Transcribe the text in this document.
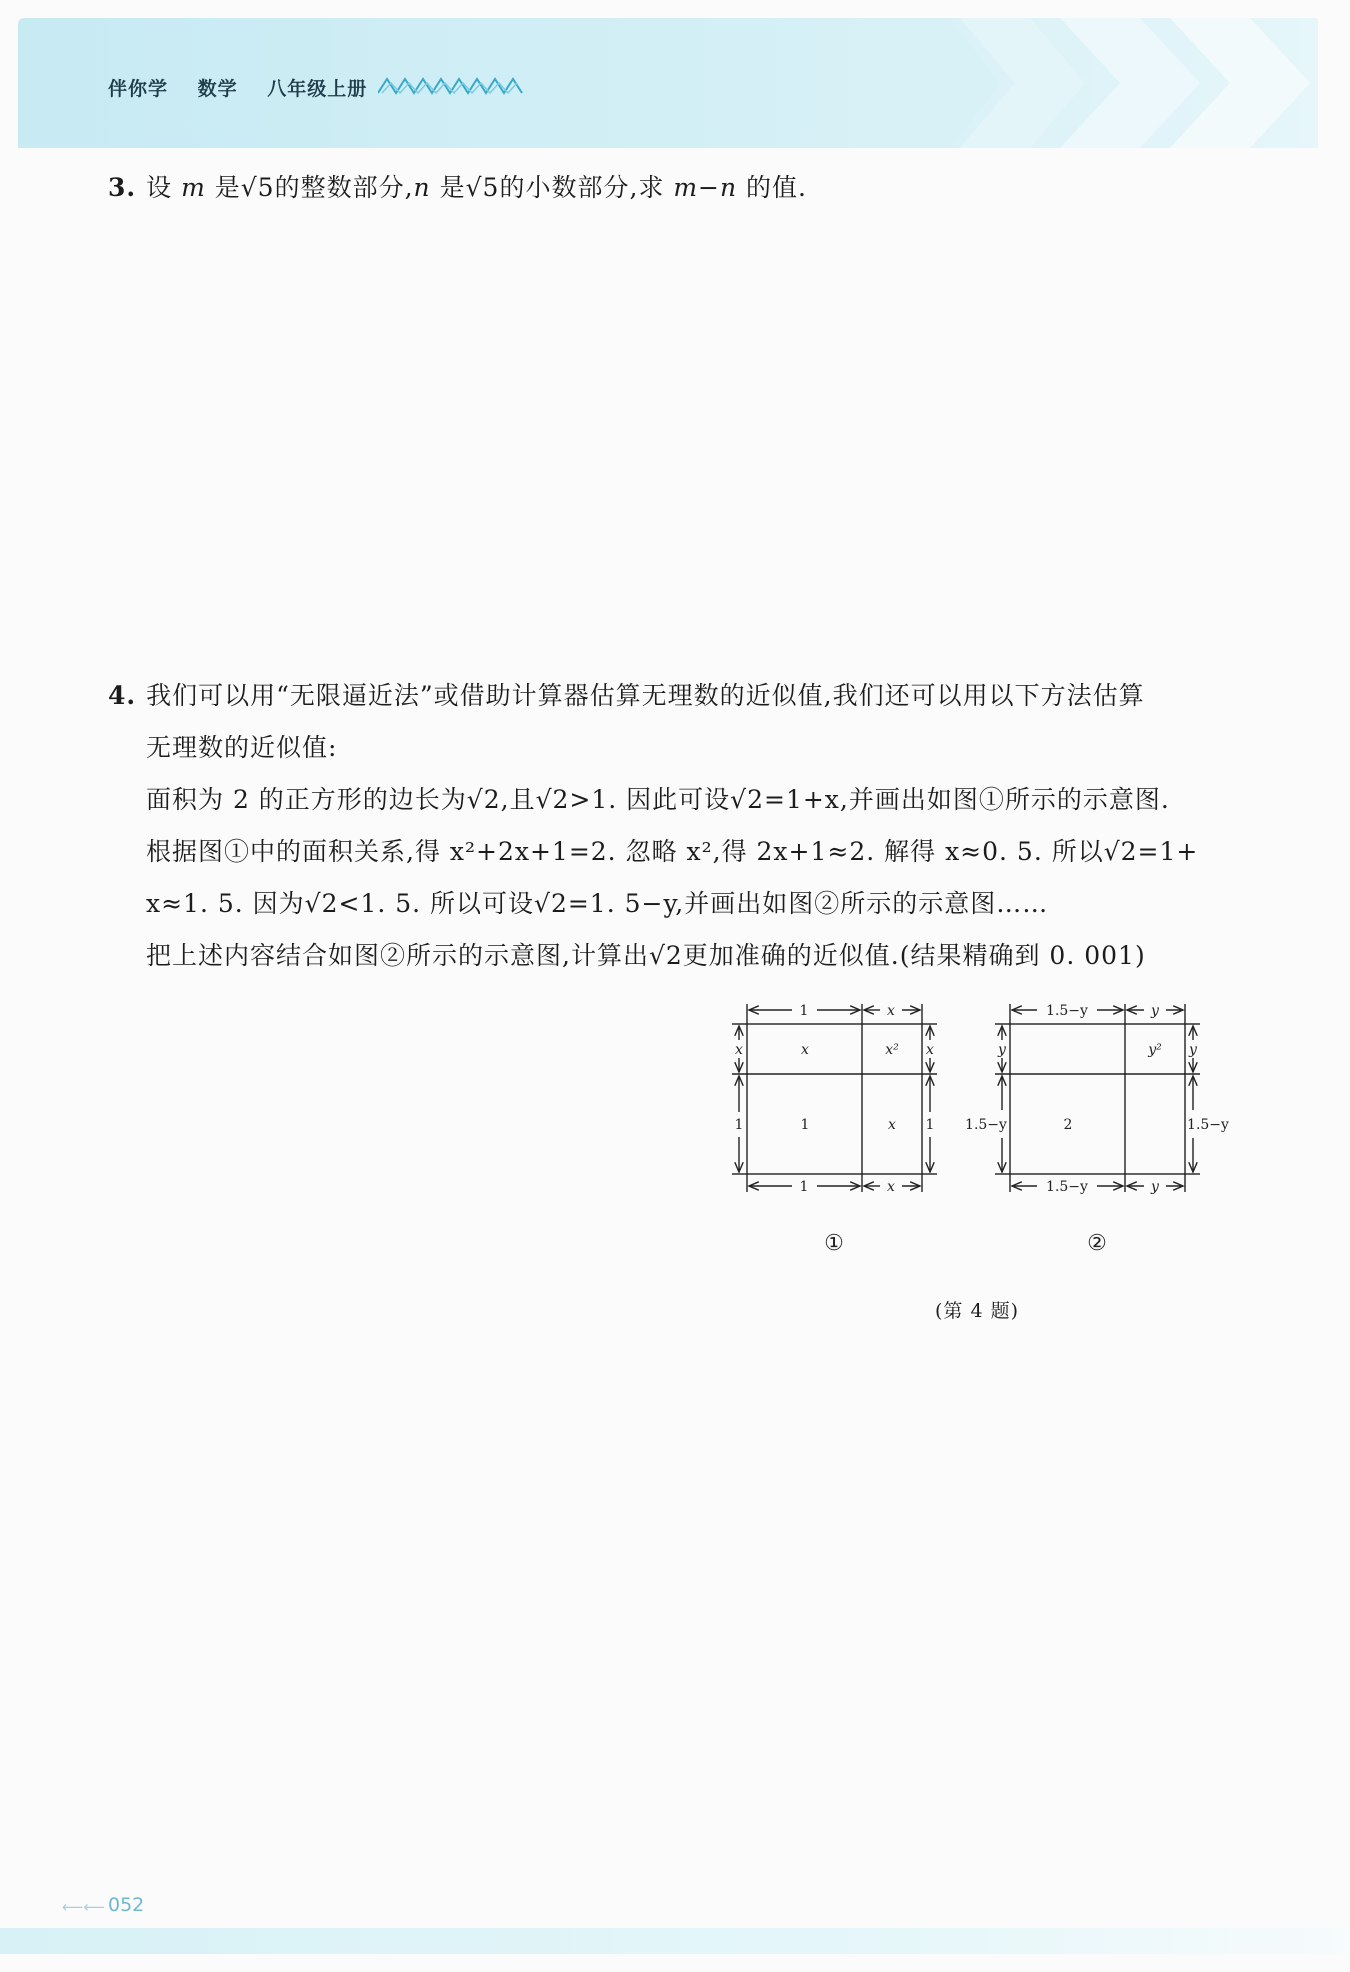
伴你学 数学 八年级上册
3. 设 m 是√5的整数部分,n 是√5的小数部分,求 m−n 的值.
4. 我们可以用“无限逼近法”或借助计算器估算无理数的近似值,我们还可以用以下方法估算
无理数的近似值:
面积为 2 的正方形的边长为√2,且√2>1. 因此可设√2=1+x,并画出如图①所示的示意图.
根据图①中的面积关系,得 x²+2x+1=2. 忽略 x²,得 2x+1≈2. 解得 x≈0. 5. 所以√2=1+
x≈1. 5. 因为√2<1. 5. 所以可设√2=1. 5−y,并画出如图②所示的示意图……
把上述内容结合如图②所示的示意图,计算出√2更加准确的近似值.(结果精确到 0. 001)
1	x
1	x
x
1
x
1
x	x²
1	x
①
1.5−y	y
1.5−y	y
y
1.5−y
y
1.5−y
y²
2
②
(第 4 题)
⟵⟵ 052
